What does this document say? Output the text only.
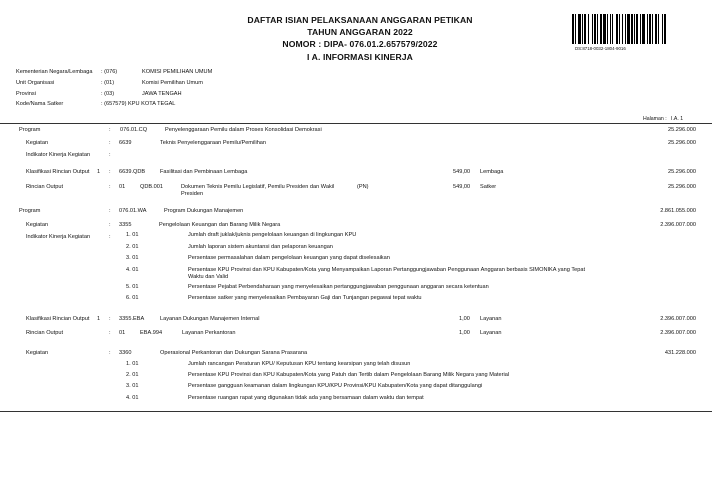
DAFTAR ISIAN PELAKSANAAN ANGGARAN PETIKAN
TAHUN ANGGARAN 2022
NOMOR : DIPA- 076.01.2.657579/2022
I A. INFORMASI KINERJA
DS:8718-0032-1804-9016
Kementerian Negara/Lembaga : (076)	KOMISI PEMILIHAN UMUM
Unit Organisasi	: (01)	Komisi Pemilihan Umum
Provinsi	: (03)	JAWA TENGAH
Kode/Nama Satker	: (657579) KPU KOTA TEGAL
Halaman : I.A. 1
Program	: 076.01.CQ	Penyelenggaraan Pemilu dalam Proses Konsolidasi Demokrasi	25.296.000
Kegiatan	: 6639	Teknis Penyelenggaraan Pemilu/Pemilihan	25.296.000
Indikator Kinerja Kegiatan	:
Klasifikasi Rincian Output 1 : 6639.QDB	Fasilitasi dan Pembinaan Lembaga	549,00 Lembaga	25.296.000
Rincian Output	: 01	QDB.001	Dokumen Teknis Pemilu Legislatif, Pemilu Presiden dan Wakil Presiden
(PN)	549,00 Satker	25.296.000
Program	: 076.01.WA	Program Dukungan Manajemen	2.861.055.000
Kegiatan	: 3355	Pengelolaan Keuangan dan Barang Milik Negara	2.396.007.000
Indikator Kinerja Kegiatan	:	1. 01	Jumlah draft juklak/juknis pengelolaan keuangan di lingkungan KPU
2. 01	Jumlah laporan sistem akuntansi dan pelaporan keuangan
3. 01	Persentase permasalahan dalam pengelolaan keuangan yang dapat diselesaikan
4. 01	Persentase KPU Provinsi dan KPU Kabupaten/Kota yang Menyampaikan Laporan Pertanggungjawaban Penggunaan Anggaran berbasis SIMONIKA yang Tepat Waktu dan Valid
5. 01	Persentase Pejabat Perbendaharaan yang menyelesaikan pertanggungjawaban penggunaan anggaran secara ketentuan
6. 01	Persentase satker yang menyelesaikan Pembayaran Gaji dan Tunjangan pegawai tepat waktu
Klasifikasi Rincian Output 1 : 3355.EBA	Layanan Dukungan Manajemen Internal	1,00 Layanan	2.396.007.000
Rincian Output	: 01	EBA.994	Layanan Perkantoran	1,00 Layanan	2.396.007.000
Kegiatan	: 3360	Operasional Perkantoran dan Dukungan Sarana Prasarana	431.228.000
1. 01	Jumlah rancangan Peraturan KPU/ Keputusan KPU tentang kearsipan yang telah disusun
2. 01	Persentase KPU Provinsi dan KPU Kabupaten/Kota yang Patuh dan Tertib dalam Pengelolaan Barang Milik Negara yang Material
3. 01	Persentase gangguan keamanan dalam lingkungan KPU/KPU Provinsi/KPU Kabupaten/Kota yang dapat ditanggulangi
4. 01	Persentase ruangan rapat yang digunakan tidak ada yang bersamaan dalam waktu dan tempat
